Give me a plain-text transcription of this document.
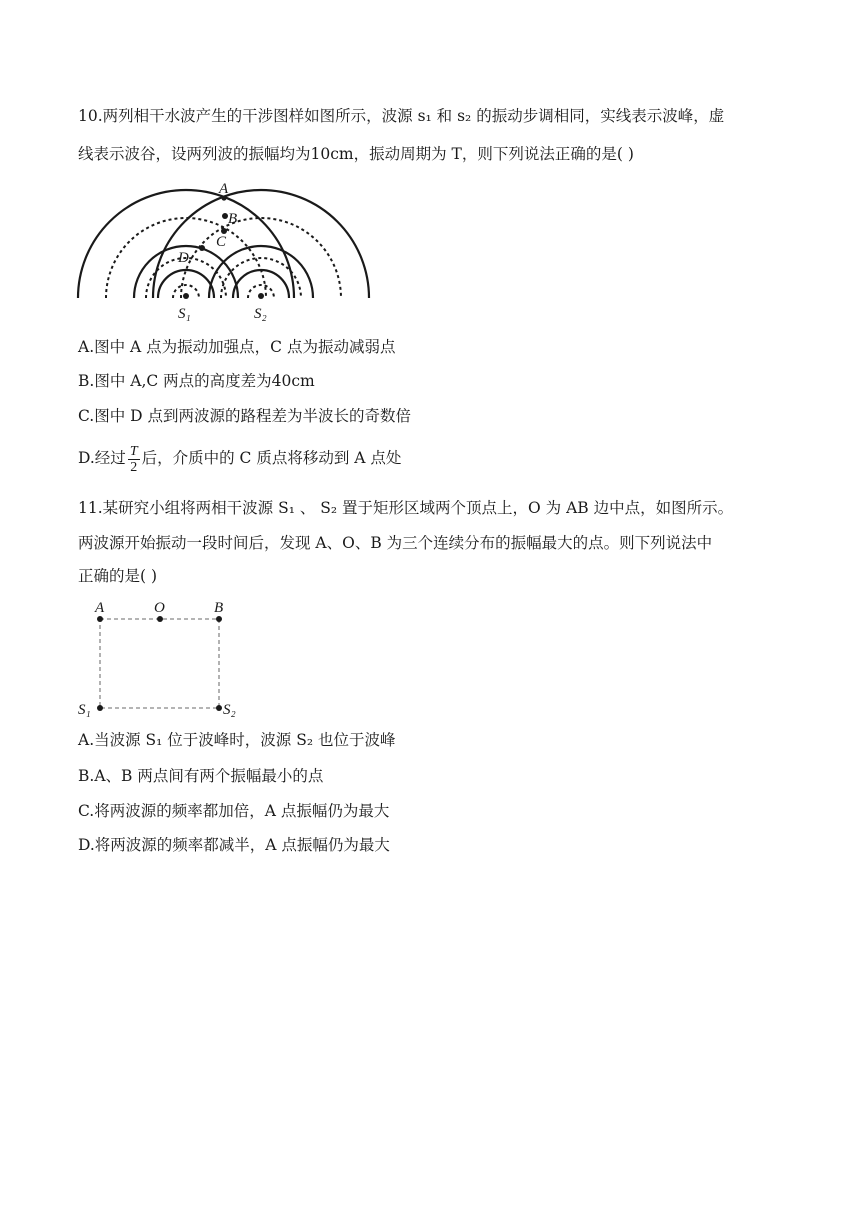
10.两列相干水波产生的干涉图样如图所示，波源 s₁ 和 s₂ 的振动步调相同，实线表示波峰，虚
线表示波谷，设两列波的振幅均为10cm，振动周期为 T，则下列说法正确的是( )
A
B
C
D
S₁	S₂
A.图中 A 点为振动加强点，C 点为振动减弱点
B.图中 A,C 两点的高度差为40cm
C.图中 D 点到两波源的路程差为半波长的奇数倍
D.经过 $\frac{T}{2}$ 后，介质中的 C 质点将移动到 A 点处
11.某研究小组将两相干波源 S₁ 、 S₂ 置于矩形区域两个顶点上，O 为 AB 边中点，如图所示。
两波源开始振动一段时间后，发现 A、O、B 为三个连续分布的振幅最大的点。则下列说法中
正确的是( )
A	O	B
S₁	S₂
A.当波源 S₁ 位于波峰时，波源 S₂ 也位于波峰
B.A、B 两点间有两个振幅最小的点
C.将两波源的频率都加倍，A 点振幅仍为最大
D.将两波源的频率都减半，A 点振幅仍为最大
